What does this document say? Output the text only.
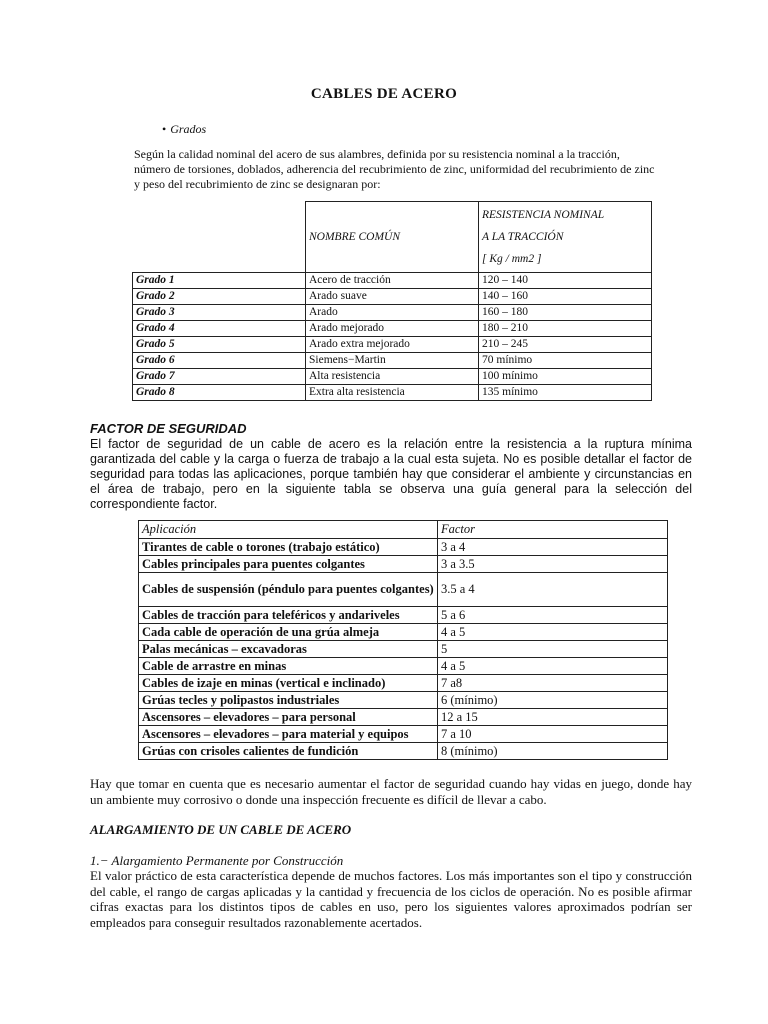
CABLES DE ACERO
• Grados
Según la calidad nominal del acero de sus alambres, definida por su resistencia nominal a la tracción, número de torsiones, doblados, adherencia del recubrimiento de zinc, uniformidad del recubrimiento de zinc y peso del recubrimiento de zinc se designaran por:
	NOMBRE COMÚN	RESISTENCIA NOMINAL
A LA TRACCIÓN
[ Kg / mm2 ]

Grado 1	Acero de tracción	120 – 140
Grado 2	Arado suave	140 – 160
Grado 3	Arado	160 – 180
Grado 4	Arado mejorado	180 – 210
Grado 5	Arado extra mejorado	210 – 245
Grado 6	Siemens−Martin	70 mínimo
Grado 7	Alta resistencia	100 mínimo
Grado 8	Extra alta resistencia	135 mínimo
FACTOR DE SEGURIDAD
El factor de seguridad de un cable de acero es la relación entre la resistencia a la ruptura mínima garantizada del cable y la carga o fuerza de trabajo a la cual esta sujeta. No es posible detallar el factor de seguridad para todas las aplicaciones, porque también hay que considerar el ambiente y circunstancias en el área de trabajo, pero en la siguiente tabla se observa una guía general para la selección del correspondiente factor.
Aplicación	Factor
Tirantes de cable o torones (trabajo estático)	3 a 4
Cables principales para puentes colgantes	3 a 3.5
Cables de suspensión (péndulo para puentes colgantes)	3.5 a 4
Cables de tracción para teleféricos y andariveles	5 a 6
Cada cable de operación de una grúa almeja	4 a 5
Palas mecánicas – excavadoras	5
Cable de arrastre en minas	4 a 5
Cables de izaje en minas (vertical e inclinado)	7 a8
Grúas tecles y polipastos industriales	6 (mínimo)
Ascensores – elevadores – para personal	12 a 15
Ascensores – elevadores – para material y equipos	7 a 10
Grúas con crisoles calientes de fundición	8 (mínimo)
Hay que tomar en cuenta que es necesario aumentar el factor de seguridad cuando hay vidas en juego, donde hay un ambiente muy corrosivo o donde una inspección frecuente es difícil de llevar a cabo.
ALARGAMIENTO DE UN CABLE DE ACERO
1.− Alargamiento Permanente por Construcción
El valor práctico de esta característica depende de muchos factores. Los más importantes son el tipo y construcción del cable, el rango de cargas aplicadas y la cantidad y frecuencia de los ciclos de operación. No es posible afirmar cifras exactas para los distintos tipos de cables en uso, pero los siguientes valores aproximados podrían ser empleados para conseguir resultados razonablemente acertados.
